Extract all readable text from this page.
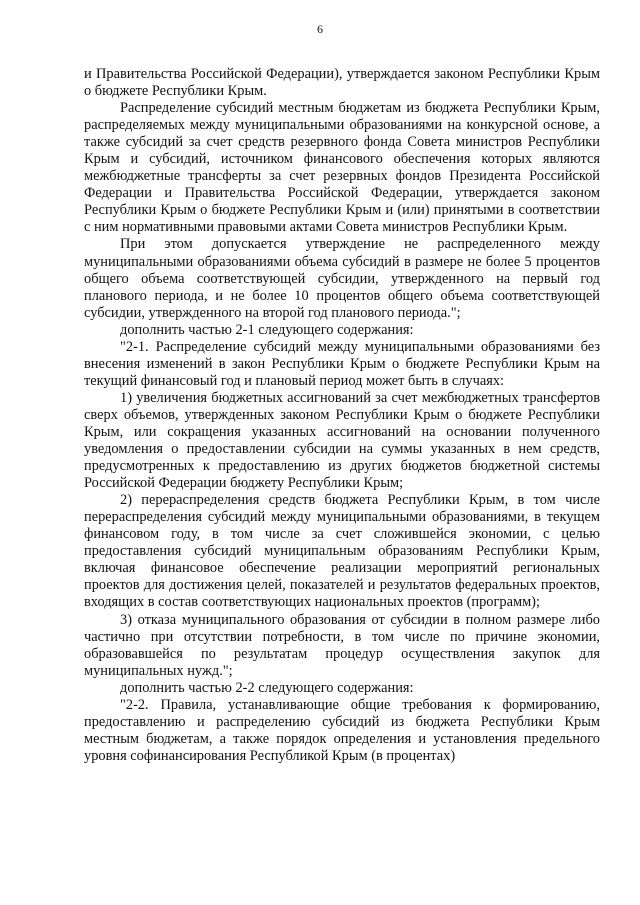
6

и Правительства Российской Федерации), утверждается законом Республики Крым о бюджете Республики Крым.

Распределение субсидий местным бюджетам из бюджета Республики Крым, распределяемых между муниципальными образованиями на конкурсной основе, а также субсидий за счет средств резервного фонда Совета министров Республики Крым и субсидий, источником финансового обеспечения которых являются межбюджетные трансферты за счет резервных фондов Президента Российской Федерации и Правительства Российской Федерации, утверждается законом Республики Крым о бюджете Республики Крым и (или) принятыми в соответствии с ним нормативными правовыми актами Совета министров Республики Крым.

При этом допускается утверждение не распределенного между муниципальными образованиями объема субсидий в размере не более 5 процентов общего объема соответствующей субсидии, утвержденного на первый год планового периода, и не более 10 процентов общего объема соответствующей субсидии, утвержденного на второй год планового периода.";

дополнить частью 2-1 следующего содержания:

"2-1. Распределение субсидий между муниципальными образованиями без внесения изменений в закон Республики Крым о бюджете Республики Крым на текущий финансовый год и плановый период может быть в случаях:

1) увеличения бюджетных ассигнований за счет межбюджетных трансфертов сверх объемов, утвержденных законом Республики Крым о бюджете Республики Крым, или сокращения указанных ассигнований на основании полученного уведомления о предоставлении субсидии на суммы указанных в нем средств, предусмотренных к предоставлению из других бюджетов бюджетной системы Российской Федерации бюджету Республики Крым;

2) перераспределения средств бюджета Республики Крым, в том числе перераспределения субсидий между муниципальными образованиями, в текущем финансовом году, в том числе за счет сложившейся экономии, с целью предоставления субсидий муниципальным образованиям Республики Крым, включая финансовое обеспечение реализации мероприятий региональных проектов для достижения целей, показателей и результатов федеральных проектов, входящих в состав соответствующих национальных проектов (программ);

3) отказа муниципального образования от субсидии в полном размере либо частично при отсутствии потребности, в том числе по причине экономии, образовавшейся по результатам процедур осуществления закупок для муниципальных нужд.";

дополнить частью 2-2 следующего содержания:

"2-2. Правила, устанавливающие общие требования к формированию, предоставлению и распределению субсидий из бюджета Республики Крым местным бюджетам, а также порядок определения и установления предельного уровня софинансирования Республикой Крым (в процентах)
